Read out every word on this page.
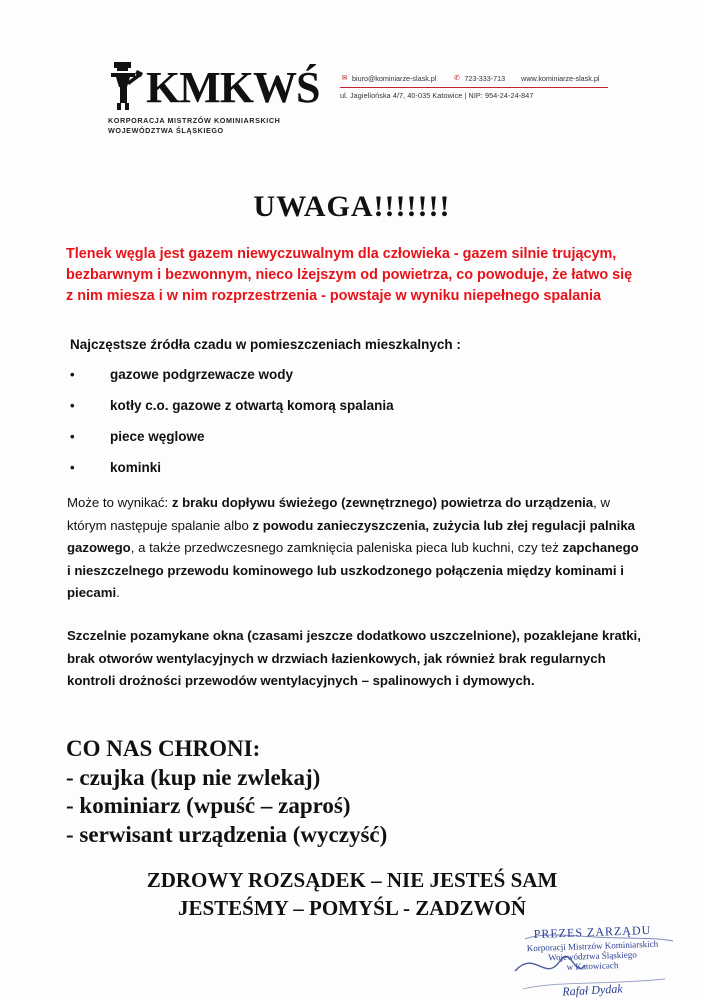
KMKWŚ
KORPORACJA MISTRZÓW KOMINIARSKICH
WOJEWÓDZTWA ŚLĄSKIEGO
✉ biuro@kominiarze-slask.pl	✆ 723-333-713 www.kominiarze-slask.pl
ul. Jagiellońska 4/7, 40-035 Katowice | NIP: 954-24-24-847
UWAGA!!!!!!!
Tlenek węgla jest gazem niewyczuwalnym dla człowieka - gazem silnie trującym, bezbarwnym i bezwonnym, nieco lżejszym od powietrza, co powoduje, że łatwo się z nim miesza i w nim rozprzestrzenia - powstaje w wyniku niepełnego spalania
Najczęstsze źródła czadu w pomieszczeniach mieszkalnych :
•	gazowe podgrzewacze wody
•	kotły c.o. gazowe z otwartą komorą spalania
•	piece węglowe
•	kominki
Może to wynikać: z braku dopływu świeżego (zewnętrznego) powietrza do urządzenia, w którym następuje spalanie albo z powodu zanieczyszczenia, zużycia lub złej regulacji palnika gazowego, a także przedwczesnego zamknięcia paleniska pieca lub kuchni, czy też zapchanego i nieszczelnego przewodu kominowego lub uszkodzonego połączenia między kominami i piecami.
Szczelnie pozamykane okna (czasami jeszcze dodatkowo uszczelnione), pozaklejane kratki, brak otworów wentylacyjnych w drzwiach łazienkowych, jak również brak regularnych kontroli drożności przewodów wentylacyjnych – spalinowych i dymowych.
CO NAS CHRONI:
- czujka (kup nie zwlekaj)
- kominiarz (wpuść – zaproś)
- serwisant urządzenia (wyczyść)
ZDROWY ROZSĄDEK – NIE JESTEŚ SAM
JESTEŚMY – POMYŚL - ZADZWOŃ
PREZES ZARZĄDU
Korporacji Mistrzów Kominiarskich
Województwa Śląskiego
w Katowicach
Rafał Dydak
